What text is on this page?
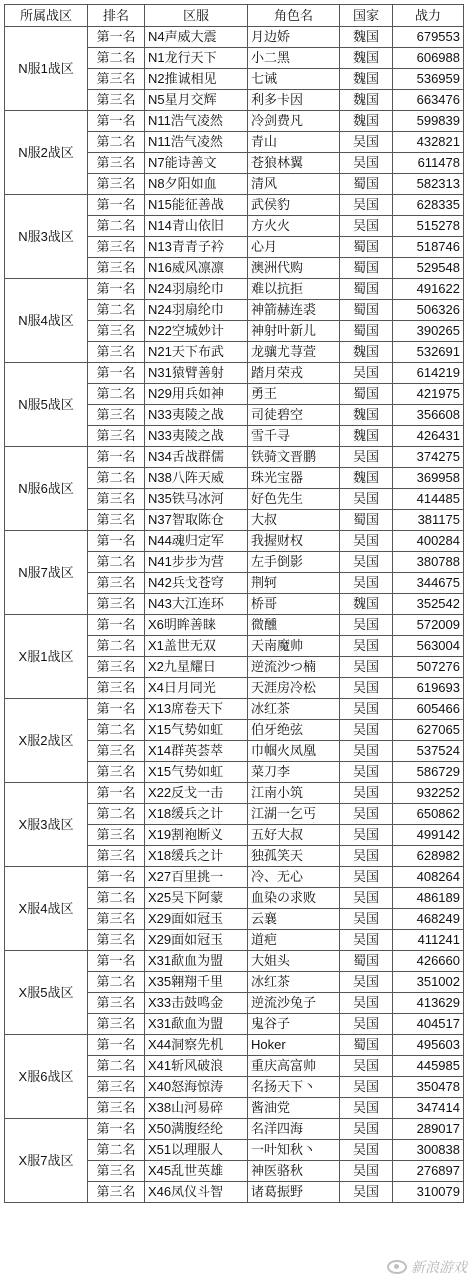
所属战区	排名	区服	角色名	国家	战力
N服1战区	第一名	N4声威大震	月边娇	魏国	679553
	第二名	N1龙行天下	小二黑	魏国	606988
	第三名	N2推诚相见	七诫	魏国	536959
	第三名	N5星月交辉	利多卡因	魏国	663476
N服2战区	第一名	N11浩气凌然	冷剑费凡	魏国	599839
	第二名	N11浩气凌然	青山	吴国	432821
	第三名	N7能诗善文	苍狼林翼	吴国	611478
	第三名	N8夕阳如血	清风	蜀国	582313
N服3战区	第一名	N15能征善战	武侯豹	吴国	628335
	第二名	N14青山依旧	方火火	吴国	515278
	第三名	N13青青子衿	心月	蜀国	518746
	第三名	N16威风凛凛	澳洲代购	蜀国	529548
N服4战区	第一名	N24羽扇纶巾	难以抗拒	蜀国	491622
	第二名	N24羽扇纶巾	神箭赫连裘	蜀国	506326
	第三名	N22空城妙计	神射叶新儿	蜀国	390265
	第三名	N21天下布武	龙骧尤荨萱	魏国	532691
N服5战区	第一名	N31猿臂善射	踏月荣戎	吴国	614219
	第二名	N29用兵如神	勇王	蜀国	421975
	第三名	N33夷陵之战	司徒碧空	魏国	356608
	第三名	N33夷陵之战	雪千寻	魏国	426431
N服6战区	第一名	N34舌战群儒	铁骑文晋鹏	吴国	374275
	第二名	N38八阵天威	珠光宝器	魏国	369958
	第三名	N35铁马冰河	好色先生	吴国	414485
	第三名	N37智取陈仓	大叔	蜀国	381175
N服7战区	第一名	N44魂归定军	我握财权	吴国	400284
	第二名	N41步步为营	左手倒影	吴国	380788
	第三名	N42兵戈苍穹	荆轲	吴国	344675
	第三名	N43大江连环	桥哥	魏国	352542
X服1战区	第一名	X6明眸善睐	微醺	吴国	572009
	第二名	X1盖世无双	天南魔帅	吴国	563004
	第三名	X2九星耀日	逆流沙つ楠	吴国	507276
	第三名	X4日月同光	天涯房冷松	吴国	619693
X服2战区	第一名	X13席卷天下	冰红茶	吴国	605466
	第二名	X15气势如虹	伯牙绝弦	吴国	627065
	第三名	X14群英荟萃	巾帼火凤凰	吴国	537524
	第三名	X15气势如虹	菜刀李	吴国	586729
X服3战区	第一名	X22反戈一击	江南小筑	吴国	932252
	第二名	X18缓兵之计	江湖一乞丐	吴国	650862
	第三名	X19割袍断义	五好大叔	吴国	499142
	第三名	X18缓兵之计	独孤笑天	吴国	628982
X服4战区	第一名	X27百里挑一	冷、无心	吴国	408264
	第二名	X25吴下阿蒙	血染の求败	吴国	486189
	第三名	X29面如冠玉	云襄	吴国	468249
	第三名	X29面如冠玉	道疤	吴国	411241
X服5战区	第一名	X31歃血为盟	大姐头	蜀国	426660
	第二名	X35翱翔千里	冰红茶	吴国	351002
	第三名	X33击鼓鸣金	逆流沙兔子	吴国	413629
	第三名	X31歃血为盟	鬼谷子	吴国	404517
X服6战区	第一名	X44洞察先机	Hoker	蜀国	495603
	第二名	X41斩风破浪	重庆高富帅	吴国	445985
	第三名	X40怒海惊涛	名扬天下丶	吴国	350478
	第三名	X38山河易碎	酱油党	吴国	347414
X服7战区	第一名	X50满腹经纶	名洋四海	吴国	289017
	第二名	X51以理服人	一叶知秋丶	吴国	300838
	第三名	X45乱世英雄	神医骆秋	吴国	276897
	第三名	X46凤仪斗智	诸葛振野	吴国	310079
新浪游戏
